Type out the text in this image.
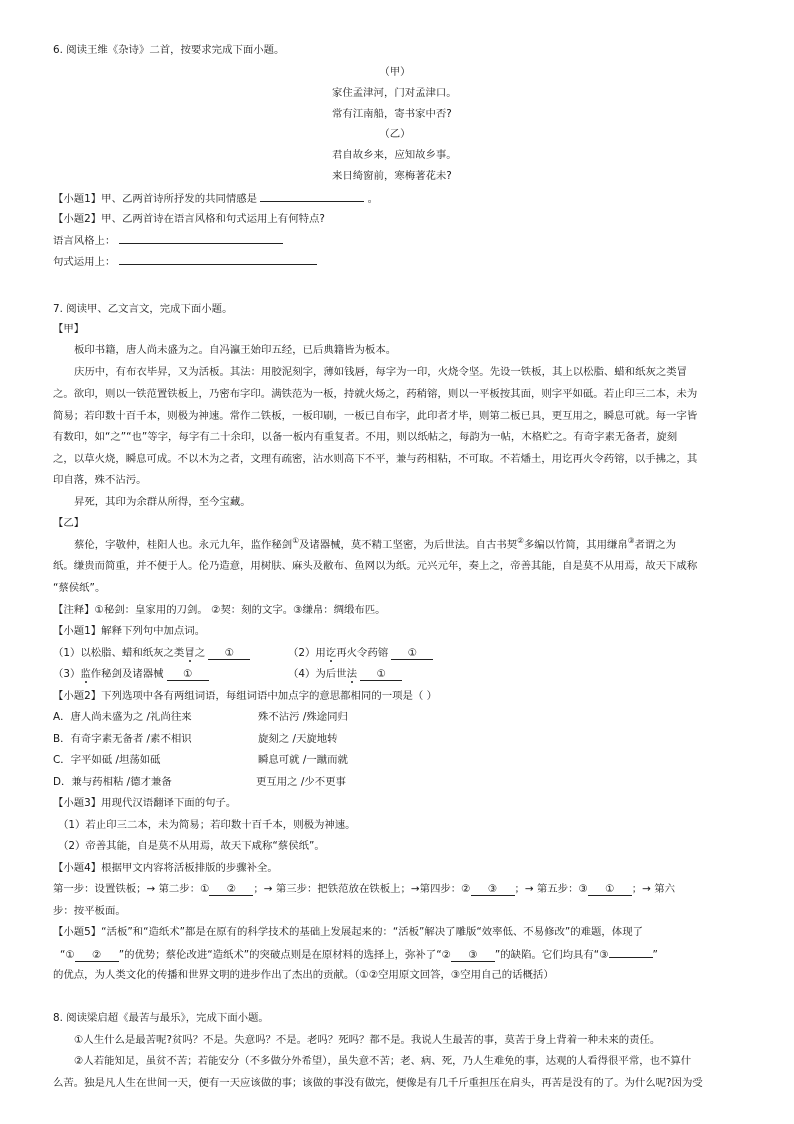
6. 阅读王维《杂诗》二首，按要求完成下面小题。
（甲）
家住孟津河，门对孟津口。
常有江南船，寄书家中否?
（乙）
君自故乡来，应知故乡事。
来日绮窗前，寒梅著花未?
【小题1】甲、乙两首诗所抒发的共同情感是	。
【小题2】甲、乙两首诗在语言风格和句式运用上有何特点?
语言风格上：
句式运用上：
7. 阅读甲、乙文言文，完成下面小题。
【甲】
板印书籍，唐人尚未盛为之。自冯瀛王始印五经，已后典籍皆为板本。
庆历中，有布衣毕昇，又为活板。其法：用胶泥刻字，薄如钱唇，每字为一印，火烧令坚。先设一铁板，其上以松脂、蜡和纸灰之类冒
之。欲印，则以一铁范置铁板上，乃密布字印。满铁范为一板，持就火炀之，药稍镕，则以一平板按其面，则字平如砥。若止印三二本，未为
简易；若印数十百千本，则极为神速。常作二铁板，一板印刷，一板已自布字，此印者才毕，则第二板已具，更互用之，瞬息可就。每一字皆
有数印，如“之”“也”等字，每字有二十余印，以备一板内有重复者。不用，则以纸帖之，每韵为一帖，木格贮之。有奇字素无备者，旋刻
之，以草火烧，瞬息可成。不以木为之者，文理有疏密，沾水则高下不平，兼与药相粘，不可取。不若燔土，用讫再火令药镕，以手拂之，其
印自落，殊不沾污。
昇死，其印为余群从所得，至今宝藏。
【乙】
蔡伦，字敬仲，桂阳人也。永元九年，监作秘剑①及诸器械，莫不精工坚密，为后世法。自古书契②多编以竹简，其用缣帛③者谓之为
纸。缣贵而简重，并不便于人。伦乃造意，用树肤、麻头及敝布、鱼网以为纸。元兴元年，奏上之，帝善其能，自是莫不从用焉，故天下咸称
“蔡侯纸”。
【注释】①秘剑：皇家用的刀剑。 ②契：刻的文字。③缣帛：绸缎布匹。
【小题1】解释下列句中加点词。
（1）以松脂、蜡和纸灰之类冒之 ①	（2）用讫再火令药镕 ①
（3）监作秘剑及诸器械 ①	（4）为后世法 ①
【小题2】下列选项中各有两组词语，每组词语中加点字的意思都相同的一项是（ ）
A．唐人尚未盛为之 /礼尚往来	殊不沾污 /殊途同归
B．有奇字素无备者 /素不相识	旋刻之 /天旋地转
C．字平如砥 /坦荡如砥	瞬息可就 /一蹴而就
D．兼与药相粘 /德才兼备	更互用之 /少不更事
【小题3】用现代汉语翻译下面的句子。
（1）若止印三二本，未为简易；若印数十百千本，则极为神速。
（2）帝善其能，自是莫不从用焉，故天下咸称“蔡侯纸”。
【小题4】根据甲文内容将活板排版的步骤补全。
第一步：设置铁板；→ 第二步：① ② ；→ 第三步：把铁范放在铁板上；→第四步：② ③ ；→ 第五步：③ ① ；→ 第六
步：按平板面。
【小题5】“活板”和“造纸术”都是在原有的科学技术的基础上发展起来的：“活板”解决了雕版“效率低、不易修改”的难题，体现了
“① ② ”的优势；蔡伦改进“造纸术”的突破点则是在原材料的选择上，弥补了“② ③ ”的缺陷。它们均具有“③	”
的优点，为人类文化的传播和世界文明的进步作出了杰出的贡献。（①②空用原文回答，③空用自己的话概括）
8. 阅读梁启超《最苦与最乐》，完成下面小题。
①人生什么是最苦呢?贫吗？不是。失意吗？不是。老吗？死吗？都不是。我说人生最苦的事，莫苦于身上背着一种未来的责任。
②人若能知足，虽贫不苦；若能安分（不多做分外希望），虽失意不苦；老、病、死，乃人生难免的事，达观的人看得很平常，也不算什
么苦。独是凡人生在世间一天，便有一天应该做的事；该做的事没有做完，便像是有几千斤重担压在肩头，再苦是没有的了。为什么呢?因为受
